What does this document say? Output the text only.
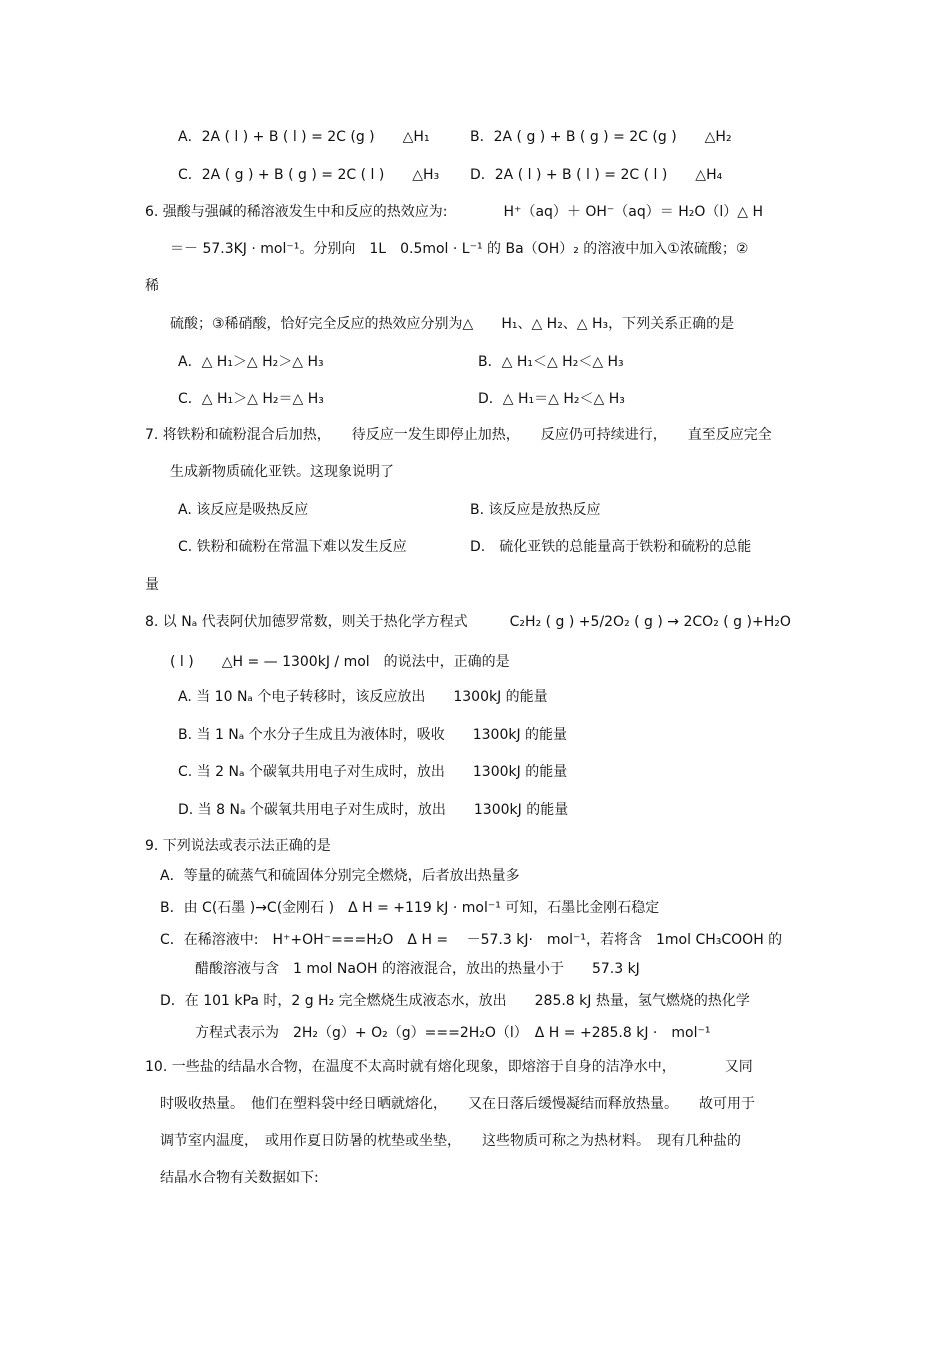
A．2A ( l ) + B ( l ) = 2C (g )　　△H₁	B．2A ( g ) + B ( g ) = 2C (g )　　△H₂
C．2A ( g ) + B ( g ) = 2C ( l )　　△H₃ D．2A ( l ) + B ( l ) = 2C ( l )　　△H₄
6. 强酸与强碱的稀溶液发生中和反应的热效应为:　　　　H⁺（aq）＋ OH⁻（aq）＝ H₂O（l）△ H
＝－ 57.3KJ · mol⁻¹。分别向　1L　0.5mol · L⁻¹ 的 Ba（OH）₂ 的溶液中加入①浓硫酸；②
稀
硫酸；③稀硝酸，恰好完全反应的热效应分别为△　　H₁、△ H₂、△ H₃，下列关系正确的是
A．△ H₁＞△ H₂＞△ H₃	B．△ H₁＜△ H₂＜△ H₃
C．△ H₁＞△ H₂＝△ H₃	D．△ H₁＝△ H₂＜△ H₃
7. 将铁粉和硫粉混合后加热，　　待反应一发生即停止加热，　　反应仍可持续进行，　　直至反应完全
生成新物质硫化亚铁。这现象说明了
A. 该反应是吸热反应	B. 该反应是放热反应
C. 铁粉和硫粉在常温下难以发生反应	D.　硫化亚铁的总能量高于铁粉和硫粉的总能
量
8. 以 Nₐ 代表阿伏加德罗常数，则关于热化学方程式　　　C₂H₂ ( g ) +5/2O₂ ( g ) → 2CO₂ ( g )+H₂O
( l )　　△H = — 1300kJ / mol　的说法中，正确的是
A. 当 10 Nₐ 个电子转移时，该反应放出　　1300kJ 的能量
B. 当 1 Nₐ 个水分子生成且为液体时，吸收　　1300kJ 的能量
C. 当 2 Nₐ 个碳氧共用电子对生成时，放出　　1300kJ 的能量
D. 当 8 Nₐ 个碳氧共用电子对生成时，放出　　1300kJ 的能量
9. 下列说法或表示法正确的是
A．等量的硫蒸气和硫固体分别完全燃烧，后者放出热量多
B．由 C(石墨 )→C(金刚石 )　Δ H = +119 kJ · mol⁻¹ 可知，石墨比金刚石稳定
C．在稀溶液中:　H⁺+OH⁻===H₂O　Δ H = 　－57.3 kJ·　mol⁻¹，若将含　1mol CH₃COOH 的
醋酸溶液与含　1 mol NaOH 的溶液混合，放出的热量小于　　57.3 kJ
D．在 101 kPa 时，2 g H₂ 完全燃烧生成液态水，放出　　285.8 kJ 热量，氢气燃烧的热化学
方程式表示为　2H₂（g）+ O₂（g）===2H₂O（l）　Δ H = +285.8 kJ ·　mol⁻¹
10. 一些盐的结晶水合物，在温度不太高时就有熔化现象，即熔溶于自身的洁净水中，　　　　又同
时吸收热量。　他们在塑料袋中经日晒就熔化，　　又在日落后缓慢凝结而释放热量。　　故可用于
调节室内温度，　或用作夏日防暑的枕垫或坐垫，　　这些物质可称之为热材料。　现有几种盐的
结晶水合物有关数据如下:
